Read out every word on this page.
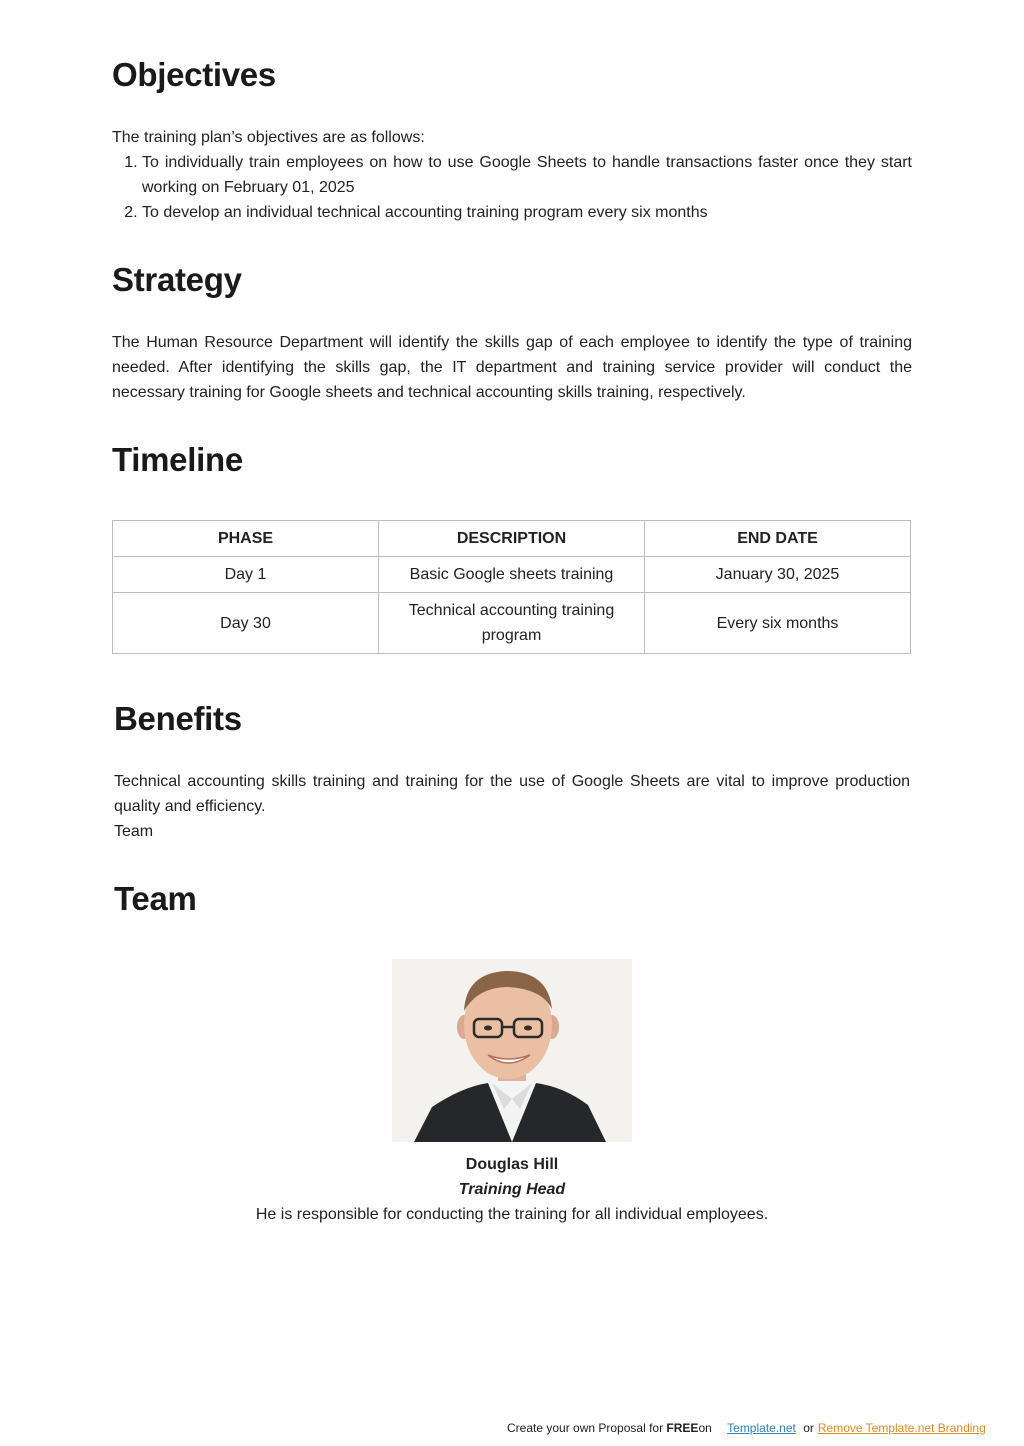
Objectives

The training plan’s objectives are as follows:

1. To individually train employees on how to use Google Sheets to handle transactions faster once they start working on February 01, 2025
2. To develop an individual technical accounting training program every six months
Strategy

The Human Resource Department will identify the skills gap of each employee to identify the type of training needed. After identifying the skills gap, the IT department and training service provider will conduct the necessary training for Google sheets and technical accounting skills training, respectively.

Timeline
PHASE	DESCRIPTION	END DATE
Day 1	Basic Google sheets training	January 30, 2025
Day 30	Technical accounting training program	Every six months
Benefits

Technical accounting skills training and training for the use of Google Sheets are vital to improve production quality and efficiency.

Team

Team
Douglas Hill
Training Head
He is responsible for conducting the training for all individual employees.
Create your own Proposal for FREEon Template.net or Remove Template.net Branding
